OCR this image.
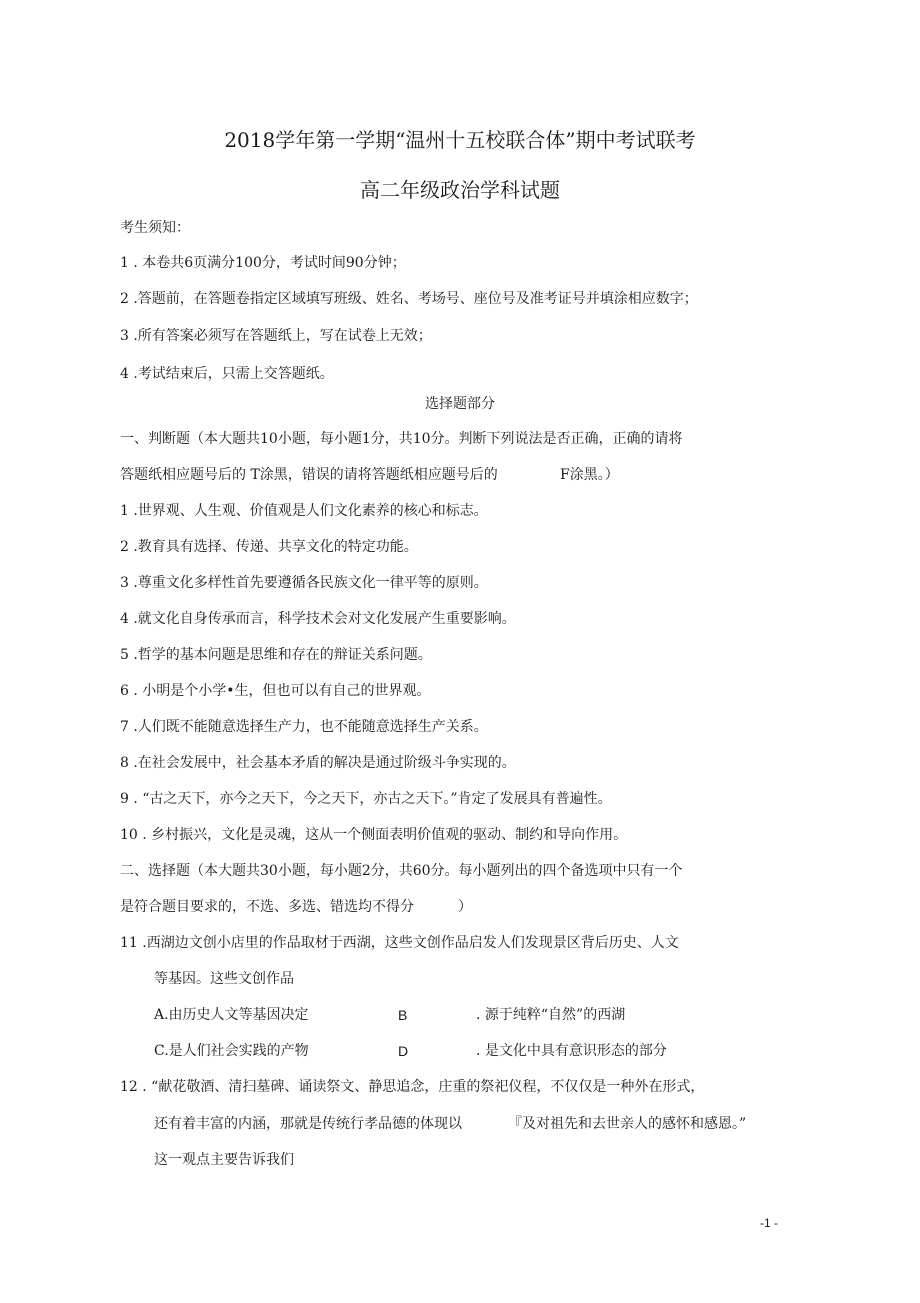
2018学年第一学期“温州十五校联合体”期中考试联考
高二年级政治学科试题
考生须知：
1 . 本卷共6页满分100分，考试时间90分钟；
2 .答题前，在答题卷指定区域填写班级、姓名、考场号、座位号及准考证号并填涂相应数字；
3 .所有答案必须写在答题纸上，写在试卷上无效；
4 .考试结束后，只需上交答题纸。
选择题部分
一、判断题（本大题共10小题，每小题1分，共10分。判断下列说法是否正确，正确的请将
答题纸相应题号后的 T涂黑，错误的请将答题纸相应题号后的	F涂黑。）
1 .世界观、人生观、价值观是人们文化素养的核心和标志。
2 .教育具有选择、传递、共享文化的特定功能。
3 .尊重文化多样性首先要遵循各民族文化一律平等的原则。
4 .就文化自身传承而言，科学技术会对文化发展产生重要影响。
5 .哲学的基本问题是思维和存在的辩证关系问题。
6 . 小明是个小学•生，但也可以有自己的世界观。
7 .人们既不能随意选择生产力，也不能随意选择生产关系。
8 .在社会发展中，社会基本矛盾的解决是通过阶级斗争实现的。
9 . “古之天下，亦今之天下，今之天下，亦古之天下。”肯定了发展具有普遍性。
10 . 乡村振兴，文化是灵魂，这从一个侧面表明价值观的驱动、制约和导向作用。
二、选择题（本大题共30小题，每小题2分，共60分。每小题列出的四个备选项中只有一个
是符合题目要求的，不选、多选、错选均不得分	）
11 .西湖边文创小店里的作品取材于西湖，这些文创作品启发人们发现景区背后历史、人文
等基因。这些文创作品
A.由历史人文等基因决定	B	. 源于纯粹“自然”的西湖
C.是人们社会实践的产物	D	. 是文化中具有意识形态的部分
12 . “献花敬酒、清扫墓碑、诵读祭文、静思追念，庄重的祭祀仪程，不仅仅是一种外在形式，
还有着丰富的内涵，那就是传统行孝品德的体现以	『及对祖先和去世亲人的感怀和感恩。”
这一观点主要告诉我们
-1 -
